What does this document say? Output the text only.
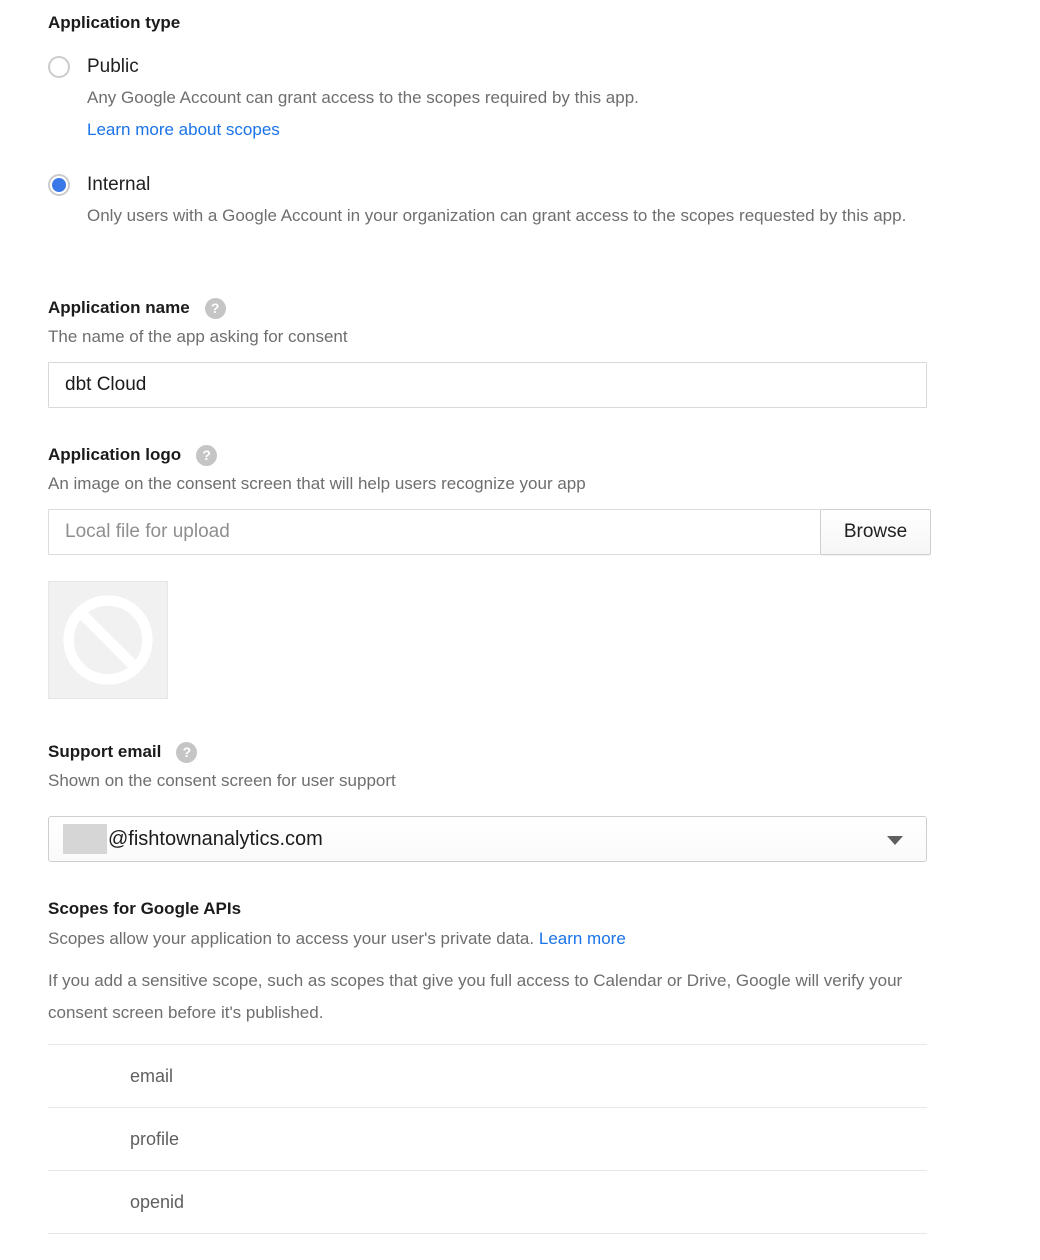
Application type
Public
Any Google Account can grant access to the scopes required by this app.
Learn more about scopes
Internal
Only users with a Google Account in your organization can grant access to the scopes requested by this app.
Application name	?
The name of the app asking for consent
dbt Cloud
Application logo	?
An image on the consent screen that will help users recognize your app
Local file for upload
Browse
Support email	?
Shown on the consent screen for user support
@fishtownanalytics.com
Scopes for Google APIs
Scopes allow your application to access your user's private data. Learn more
If you add a sensitive scope, such as scopes that give you full access to Calendar or Drive, Google will verify your consent screen before it's published.
email
profile
openid
